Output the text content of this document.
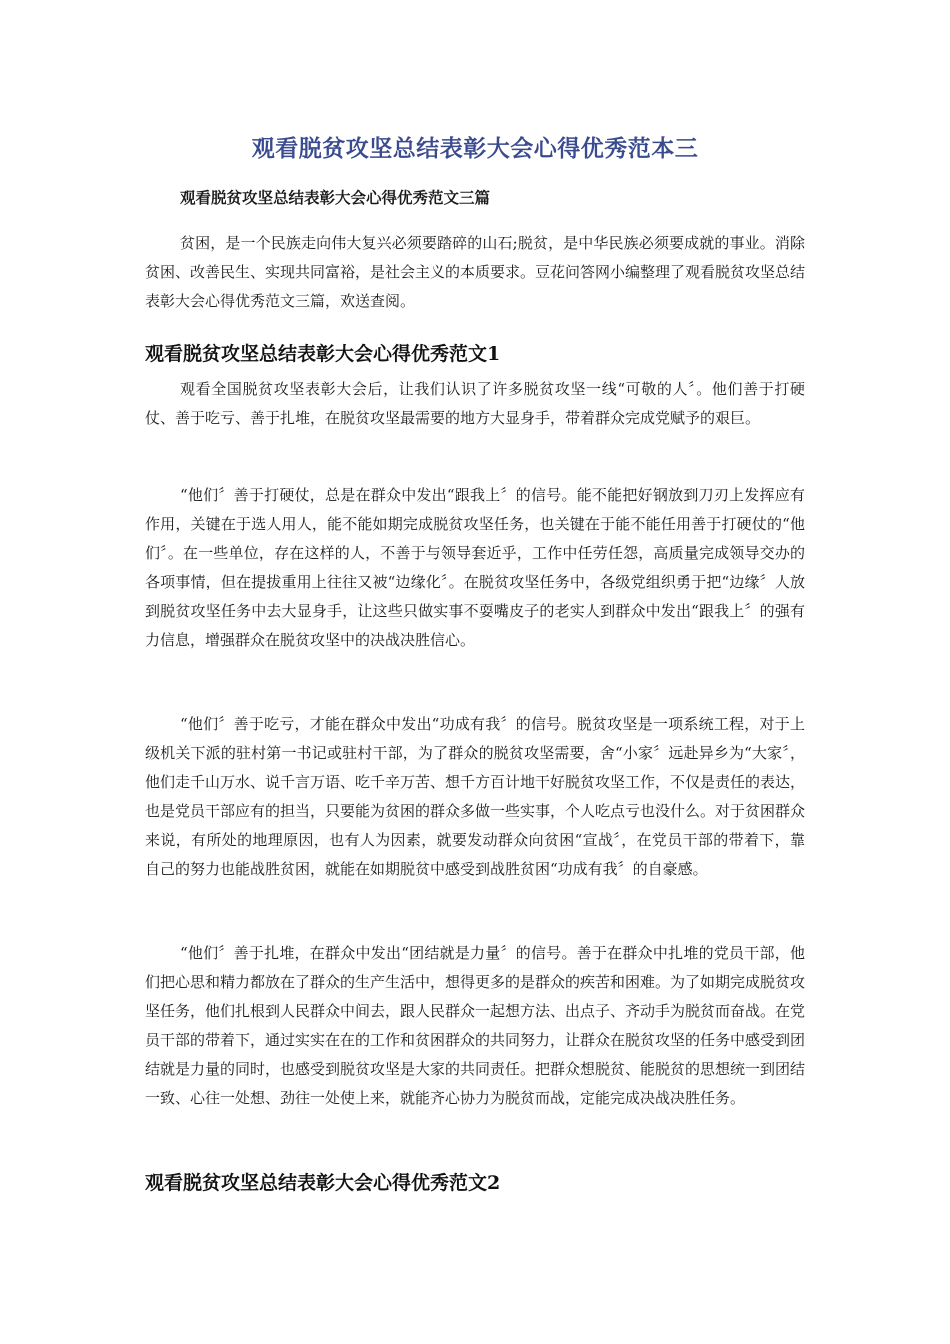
观看脱贫攻坚总结表彰大会心得优秀范本三
观看脱贫攻坚总结表彰大会心得优秀范文三篇

贫困，是一个民族走向伟大复兴必须要踏碎的山石;脱贫，是中华民族必须要成就的事业。消除贫困、改善民生、实现共同富裕，是社会主义的本质要求。豆花问答网小编整理了观看脱贫攻坚总结表彰大会心得优秀范文三篇，欢送查阅。

观看脱贫攻坚总结表彰大会心得优秀范文1

观看全国脱贫攻坚表彰大会后，让我们认识了许多脱贫攻坚一线“可敬的人〞。他们善于打硬仗、善于吃亏、善于扎堆，在脱贫攻坚最需要的地方大显身手，带着群众完成党赋予的艰巨。

“他们〞善于打硬仗，总是在群众中发出“跟我上〞的信号。能不能把好钢放到刀刃上发挥应有作用，关键在于选人用人，能不能如期完成脱贫攻坚任务，也关键在于能不能任用善于打硬仗的“他们〞。在一些单位，存在这样的人，不善于与领导套近乎，工作中任劳任怨，高质量完成领导交办的各项事情，但在提拔重用上往往又被“边缘化〞。在脱贫攻坚任务中，各级党组织勇于把“边缘〞人放到脱贫攻坚任务中去大显身手，让这些只做实事不耍嘴皮子的老实人到群众中发出“跟我上〞的强有力信息，增强群众在脱贫攻坚中的决战决胜信心。

“他们〞善于吃亏，才能在群众中发出“功成有我〞的信号。脱贫攻坚是一项系统工程，对于上级机关下派的驻村第一书记或驻村干部，为了群众的脱贫攻坚需要，舍“小家〞远赴异乡为“大家〞，他们走千山万水、说千言万语、吃千辛万苦、想千方百计地干好脱贫攻坚工作，不仅是责任的表达，也是党员干部应有的担当，只要能为贫困的群众多做一些实事，个人吃点亏也没什么。对于贫困群众来说，有所处的地理原因，也有人为因素，就要发动群众向贫困“宣战〞，在党员干部的带着下，靠自己的努力也能战胜贫困，就能在如期脱贫中感受到战胜贫困“功成有我〞的自豪感。

“他们〞善于扎堆，在群众中发出“团结就是力量〞的信号。善于在群众中扎堆的党员干部，他们把心思和精力都放在了群众的生产生活中，想得更多的是群众的疾苦和困难。为了如期完成脱贫攻坚任务，他们扎根到人民群众中间去，跟人民群众一起想方法、出点子、齐动手为脱贫而奋战。在党员干部的带着下，通过实实在在的工作和贫困群众的共同努力，让群众在脱贫攻坚的任务中感受到团结就是力量的同时，也感受到脱贫攻坚是大家的共同责任。把群众想脱贫、能脱贫的思想统一到团结一致、心往一处想、劲往一处使上来，就能齐心协力为脱贫而战，定能完成决战决胜任务。

观看脱贫攻坚总结表彰大会心得优秀范文2
